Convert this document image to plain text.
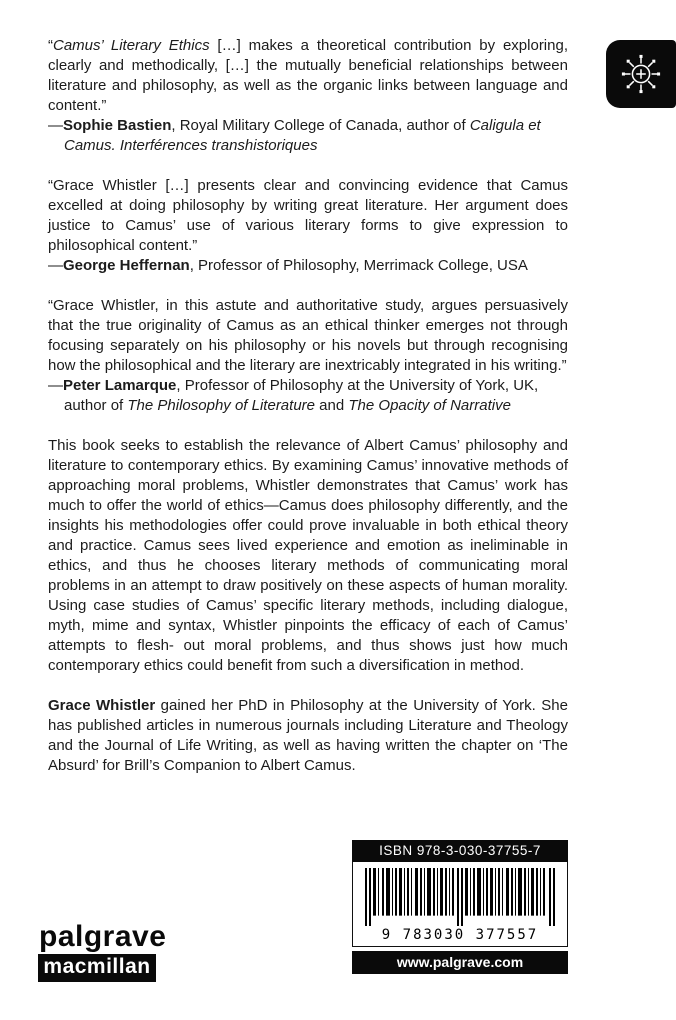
“Camus’ Literary Ethics […] makes a theoretical contribution by exploring, clearly and methodically, […] the mutually beneficial relationships between literature and philosophy, as well as the organic links between language and content.”

—Sophie Bastien, Royal Military College of Canada, author of Caligula et Camus. Interférences transhistoriques

“Grace Whistler […] presents clear and convincing evidence that Camus excelled at doing philosophy by writing great literature. Her argument does justice to Camus’ use of various literary forms to give expression to philosophical content.”

—George Heffernan, Professor of Philosophy, Merrimack College, USA

“Grace Whistler, in this astute and authoritative study, argues persuasively that the true originality of Camus as an ethical thinker emerges not through focusing separately on his philosophy or his novels but through recognising how the philosophical and the literary are inextricably integrated in his writing.”

—Peter Lamarque, Professor of Philosophy at the University of York, UK, author of The Philosophy of Literature and The Opacity of Narrative

This book seeks to establish the relevance of Albert Camus’ philosophy and literature to contemporary ethics. By examining Camus’ innovative methods of approaching moral problems, Whistler demonstrates that Camus’ work has much to offer the world of ethics—Camus does philosophy differently, and the insights his methodologies offer could prove invaluable in both ethical theory and practice. Camus sees lived experience and emotion as ineliminable in ethics, and thus he chooses literary methods of communicating moral problems in an attempt to draw positively on these aspects of human morality. Using case studies of Camus’ specific literary methods, including dialogue, myth, mime and syntax, Whistler pinpoints the efficacy of each of Camus’ attempts to flesh- out moral problems, and thus shows just how much contemporary ethics could benefit from such a diversification in method.

Grace Whistler gained her PhD in Philosophy at the University of York. She has published articles in numerous journals including Literature and Theology and the Journal of Life Writing, as well as having written the chapter on ‘The Absurd’ for Brill’s Companion to Albert Camus.

palgrave
macmillan
ISBN 978-3-030-37755-7
9 783030 377557
www.palgrave.com
